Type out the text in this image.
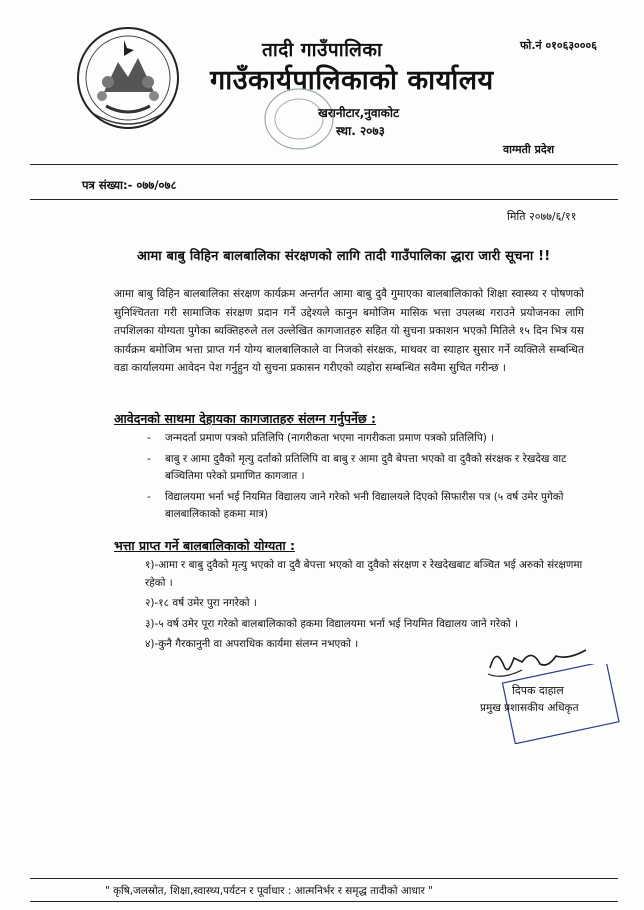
तादी गाउँपालिका
गाउँकार्यपालिकाको कार्यालय
फो.नं ०१०६३०००६
खरानीटार,नुवाकोट
स्था. २०७३
वाग्मती प्रदेश
पत्र संख्या:- ०७७/०७८
मिति २०७७/६/११
आमा बाबु विहिन बालबालिका संरक्षणको लागि तादी गाउँपालिका द्धारा जारी सूचना !!
आमा बाबु विहिन बालबालिका संरक्षण कार्यक्रम अन्तर्गत आमा बाबु दुवै गुमाएका बालबालिकाको शिक्षा स्वास्थ्य र पोषणको सुनिश्चितता गरी सामाजिक संरक्षण प्रदान गर्ने उद्देश्यले कानुन बमोजिम मासिक भत्ता उपलब्ध गराउने प्रयोजनका लागि तपशिलका योग्यता पुगेका ब्यक्तिहरुले तल उल्लेखित कागजातहरु सहित यो सुचना प्रकाशन भएको मितिले १५ दिन भित्र यस कार्यक्रम बमोजिम भत्ता प्राप्त गर्न योग्य बालबालिकाले वा निजको संरक्षक, माथवर वा स्याहार सुसार गर्ने व्यक्तिले सम्बन्धित वडा कार्यालयमा आवेदन पेश गर्नुहुन यो सुचना प्रकासन गरीएको व्यहोरा सम्बन्धित सवैमा सुचित गरीन्छ ।
आवेदनको साथमा देहायका कागजातहरु संलग्न गर्नुपर्नेछ :
- जन्मदर्ता प्रमाण पत्रको प्रतिलिपि (नागरीकता भएमा नागरीकता प्रमाण पत्रको प्रतिलिपि) ।
- बाबु र आमा दुवैको मृत्यु दर्ताको प्रतिलिपि वा बाबु र आमा दुवै बेपत्ता भएको वा दुवैको संरक्षक र रेखदेख वाट बञ्चितिमा परेको प्रमाणित कागजात ।
- विद्यालयमा भर्ना भई नियमित विद्यालय जाने गरेको भनी विद्यालयले दिएको सिफारीस पत्र (५ वर्ष उमेर पुगेको बालबालिकाको हकमा मात्र)
भत्ता प्राप्त गर्ने बालबालिकाको योग्यता :
१)-आमा र बाबु दुवैको मृत्यु भएको वा दुवै बेपत्ता भएको वा दुवैको संरक्षण र रेखदेखबाट बञ्चित भई अरुको संरक्षणमा रहेको ।
२)-१८ वर्ष उमेर पुरा नगरेको ।
३)-५ वर्ष उमेर पूरा गरेको बालबालिकाको हकमा विद्यालयमा भर्ना भई नियमित विद्यालय जाने गरेको ।
४)-कुनै गैरकानुनी वा अपराधिक कार्यमा संलग्न नभएको ।
दिपक दाहाल
प्रमुख प्रशासकीय अधिकृत
" कृषि,जलस्रोत, शिक्षा,स्वास्थ्य,पर्यटन र पूर्वाधार : आत्मनिर्भर र समृद्ध तादीको आधार "
